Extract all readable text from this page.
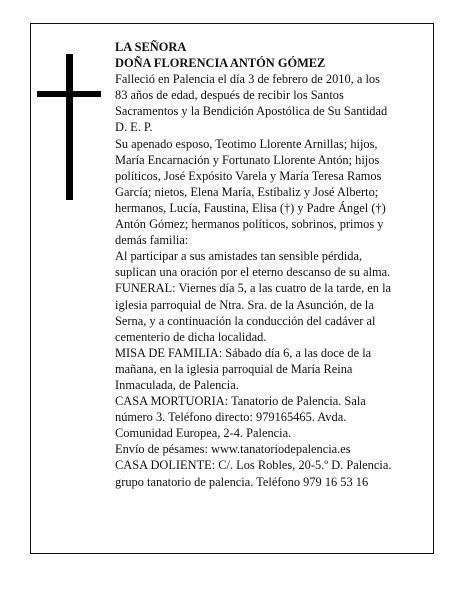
LA SEÑORA
DOÑA FLORENCIA ANTÓN GÓMEZ
Falleció en Palencia el día 3 de febrero de 2010, a los
83 años de edad, después de recibir los Santos
Sacramentos y la Bendición Apostólica de Su Santidad
D. E. P.
Su apenado esposo, Teotimo Llorente Arnillas; hijos,
María Encarnación y Fortunato Llorente Antón; hijos
políticos, José Expósito Varela y María Teresa Ramos
García; nietos, Elena María, Estíbaliz y José Alberto;
hermanos, Lucía, Faustina, Elisa (†) y Padre Ángel (†)
Antón Gómez; hermanos políticos, sobrinos, primos y
demás familia:
Al participar a sus amistades tan sensible pérdida,
suplican una oración por el eterno descanso de su alma.
FUNERAL: Viernes día 5, a las cuatro de la tarde, en la
iglesia parroquial de Ntra. Sra. de la Asunción, de la
Serna, y a continuación la conducción del cadáver al
cementerio de dicha localidad.
MISA DE FAMILIA: Sábado día 6, a las doce de la
mañana, en la iglesia parroquial de María Reina
Inmaculada, de Palencia.
CASA MORTUORIA: Tanatorio de Palencia. Sala
número 3. Teléfono directo: 979165465. Avda.
Comunidad Europea, 2-4. Palencia.
Envío de pésames: www.tanatoriodepalencia.es
CASA DOLIENTE: C/. Los Robles, 20-5.º D. Palencia.
grupo tanatorio de palencia. Teléfono 979 16 53 16
